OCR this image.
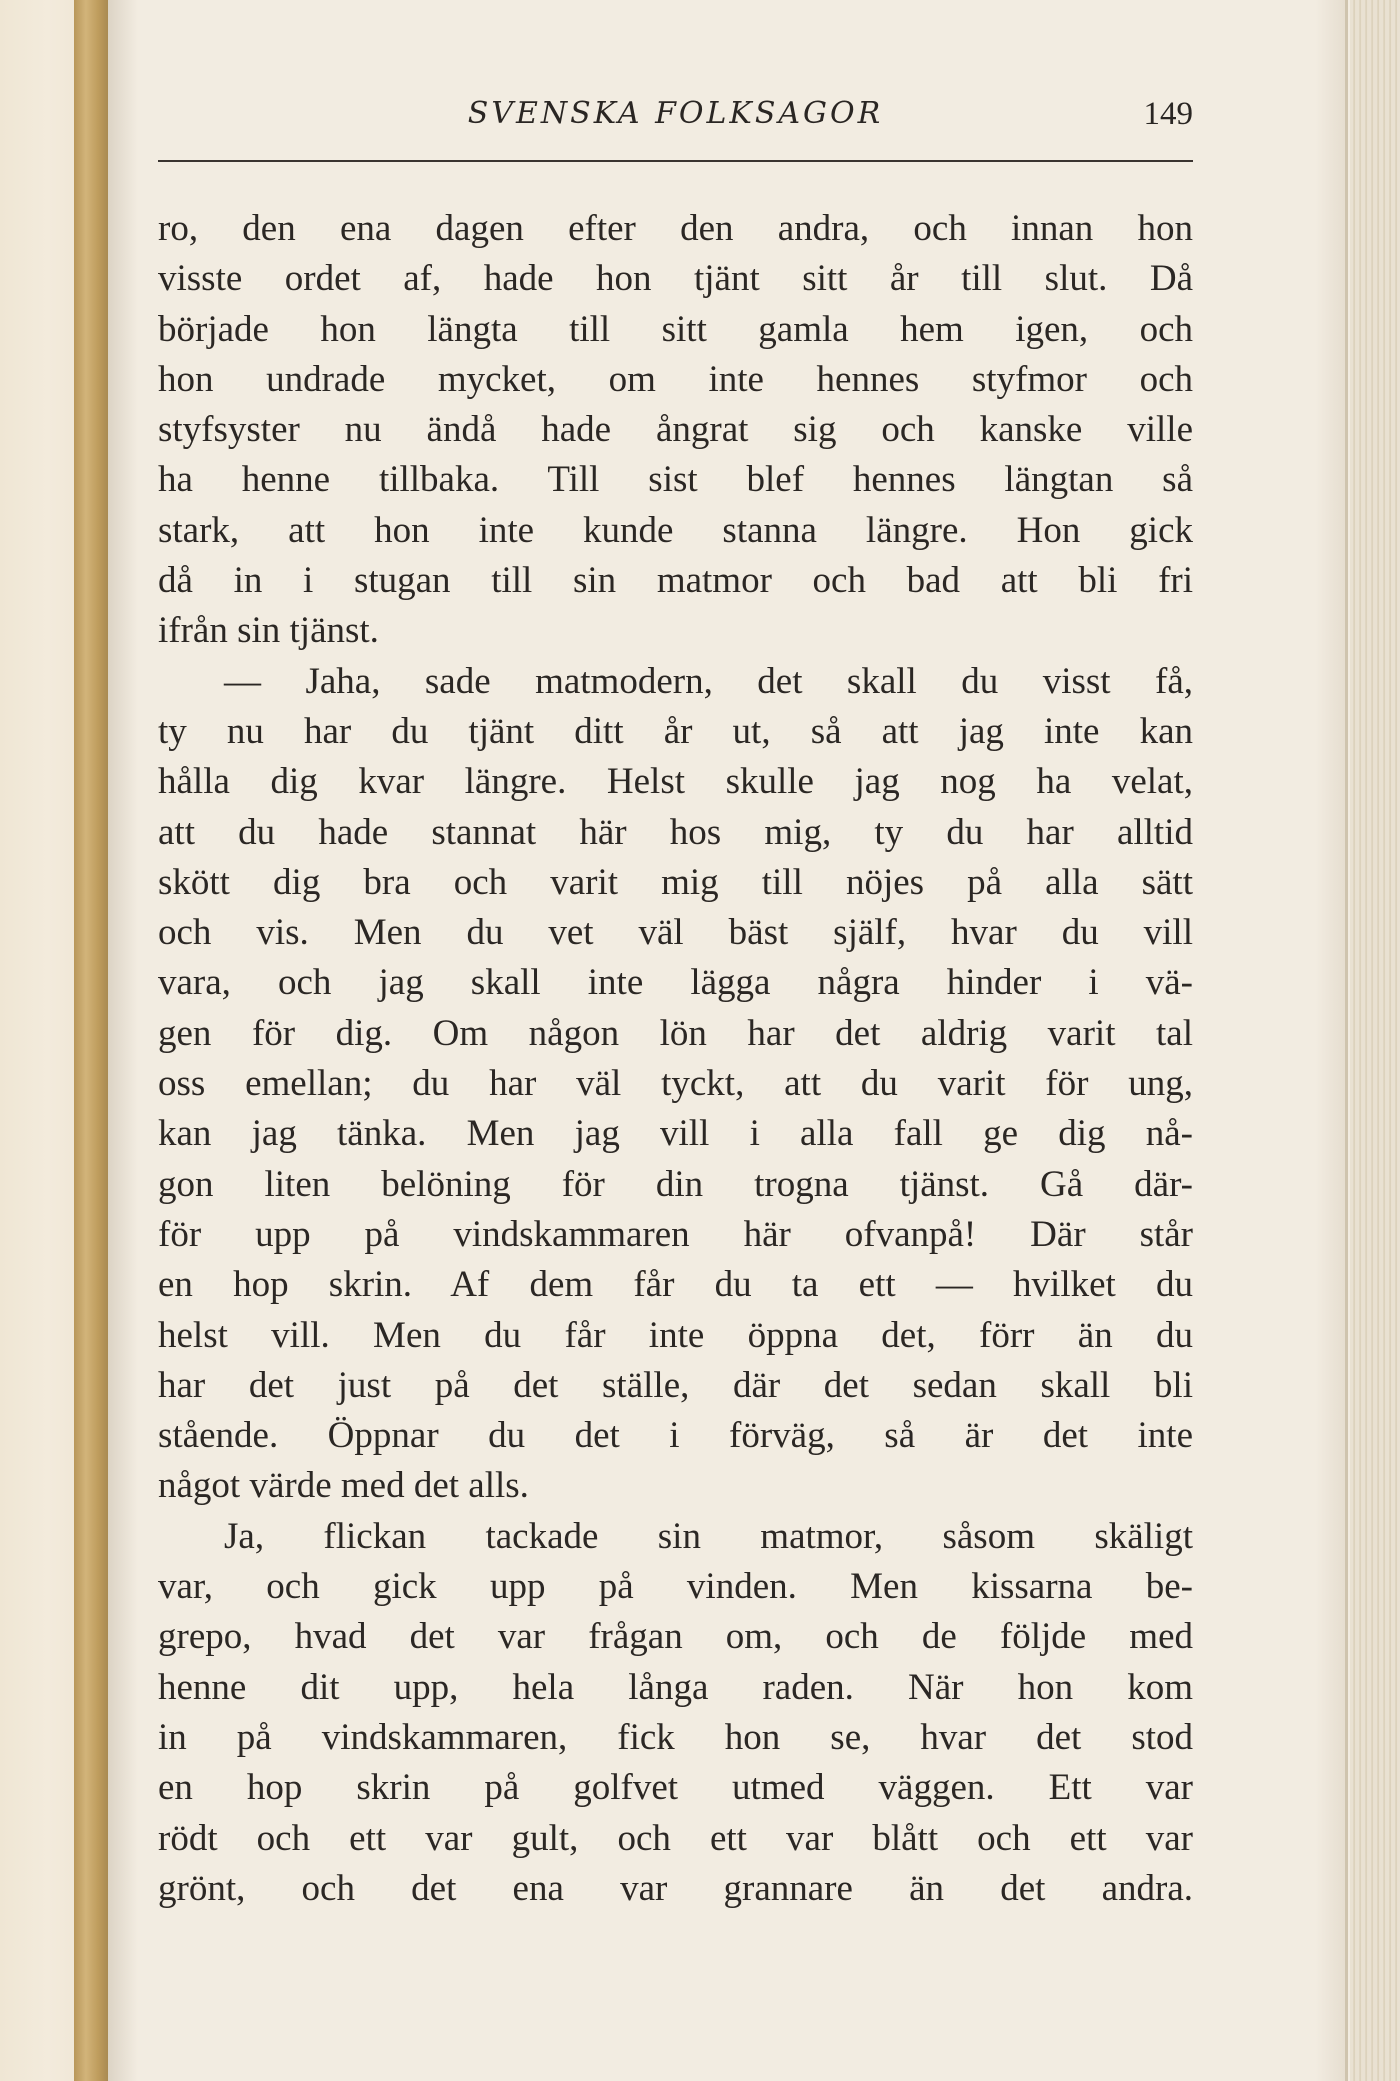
SVENSKA FOLKSAGOR	149
ro, den ena dagen efter den andra, och innan hon
visste ordet af, hade hon tjänt sitt år till slut. Då
började hon längta till sitt gamla hem igen, och
hon undrade mycket, om inte hennes styfmor och
styfsyster nu ändå hade ångrat sig och kanske ville
ha henne tillbaka. Till sist blef hennes längtan så
stark, att hon inte kunde stanna längre. Hon gick
då in i stugan till sin matmor och bad att bli fri
ifrån sin tjänst.
— Jaha, sade matmodern, det skall du visst få,
ty nu har du tjänt ditt år ut, så att jag inte kan
hålla dig kvar längre. Helst skulle jag nog ha velat,
att du hade stannat här hos mig, ty du har alltid
skött dig bra och varit mig till nöjes på alla sätt
och vis. Men du vet väl bäst själf, hvar du vill
vara, och jag skall inte lägga några hinder i vä-
gen för dig. Om någon lön har det aldrig varit tal
oss emellan; du har väl tyckt, att du varit för ung,
kan jag tänka. Men jag vill i alla fall ge dig nå-
gon liten belöning för din trogna tjänst. Gå där-
för upp på vindskammaren här ofvanpå! Där står
en hop skrin. Af dem får du ta ett — hvilket du
helst vill. Men du får inte öppna det, förr än du
har det just på det ställe, där det sedan skall bli
stående. Öppnar du det i förväg, så är det inte
något värde med det alls.
Ja, flickan tackade sin matmor, såsom skäligt
var, och gick upp på vinden. Men kissarna be-
grepo, hvad det var frågan om, och de följde med
henne dit upp, hela långa raden. När hon kom
in på vindskammaren, fick hon se, hvar det stod
en hop skrin på golfvet utmed väggen. Ett var
rödt och ett var gult, och ett var blått och ett var
grönt, och det ena var grannare än det andra.
